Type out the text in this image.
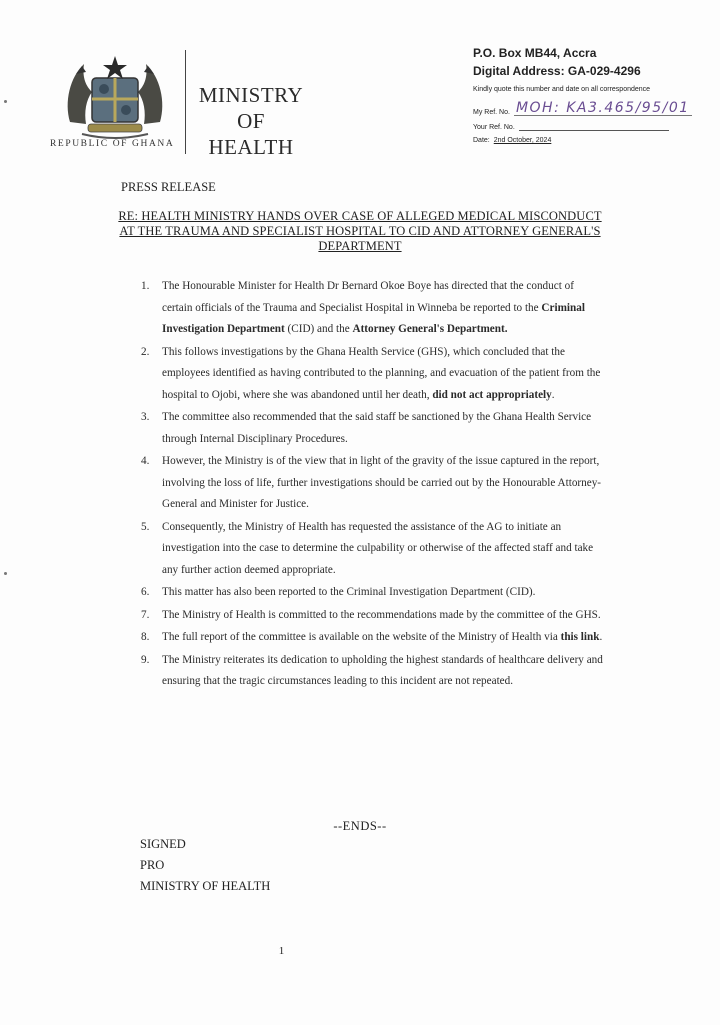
REPUBLIC OF GHANA
MINISTRY
OF
HEALTH
P.O. Box MB44, Accra
Digital Address: GA-029-4296
Kindly quote this number and date on all correspondence
My Ref. No. MOH: KA3.465/95/01
Your Ref. No.
Date: 2nd October, 2024
PRESS RELEASE
RE: HEALTH MINISTRY HANDS OVER CASE OF ALLEGED MEDICAL MISCONDUCT AT THE TRAUMA AND SPECIALIST HOSPITAL TO CID AND ATTORNEY GENERAL'S DEPARTMENT
1. The Honourable Minister for Health Dr Bernard Okoe Boye has directed that the conduct of certain officials of the Trauma and Specialist Hospital in Winneba be reported to the Criminal Investigation Department (CID) and the Attorney General's Department.
2. This follows investigations by the Ghana Health Service (GHS), which concluded that the employees identified as having contributed to the planning, and evacuation of the patient from the hospital to Ojobi, where she was abandoned until her death, did not act appropriately.
3. The committee also recommended that the said staff be sanctioned by the Ghana Health Service through Internal Disciplinary Procedures.
4. However, the Ministry is of the view that in light of the gravity of the issue captured in the report, involving the loss of life, further investigations should be carried out by the Honourable Attorney-General and Minister for Justice.
5. Consequently, the Ministry of Health has requested the assistance of the AG to initiate an investigation into the case to determine the culpability or otherwise of the affected staff and take any further action deemed appropriate.
6. This matter has also been reported to the Criminal Investigation Department (CID).
7. The Ministry of Health is committed to the recommendations made by the committee of the GHS.
8. The full report of the committee is available on the website of the Ministry of Health via this link.
9. The Ministry reiterates its dedication to upholding the highest standards of healthcare delivery and ensuring that the tragic circumstances leading to this incident are not repeated.
--ENDS--
SIGNED
PRO
MINISTRY OF HEALTH
1
